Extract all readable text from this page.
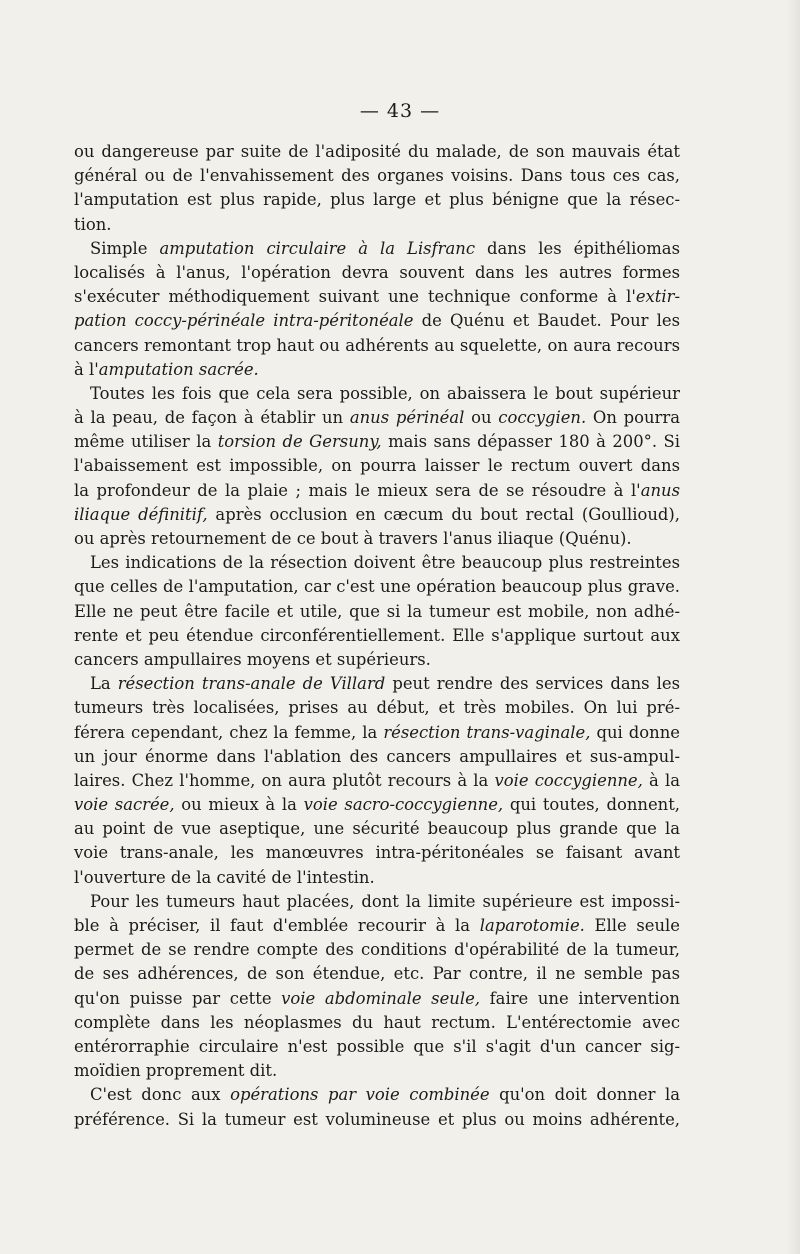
— 43 —
ou dangereuse par suite de l'adiposité du malade, de son mauvais état
général ou de l'envahissement des organes voisins. Dans tous ces cas,
l'amputation est plus rapide, plus large et plus bénigne que la résec-
tion.
Simple amputation circulaire à la Lisfranc dans les épithéliomas
localisés à l'anus, l'opération devra souvent dans les autres formes
s'exécuter méthodiquement suivant une technique conforme à l'extir-
pation coccy-périnéale intra-péritonéale de Quénu et Baudet. Pour les
cancers remontant trop haut ou adhérents au squelette, on aura recours
à l'amputation sacrée.
Toutes les fois que cela sera possible, on abaissera le bout supérieur
à la peau, de façon à établir un anus périnéal ou coccygien. On pourra
même utiliser la torsion de Gersuny, mais sans dépasser 180 à 200°. Si
l'abaissement est impossible, on pourra laisser le rectum ouvert dans
la profondeur de la plaie ; mais le mieux sera de se résoudre à l'anus
iliaque définitif, après occlusion en cæcum du bout rectal (Goullioud),
ou après retournement de ce bout à travers l'anus iliaque (Quénu).
Les indications de la résection doivent être beaucoup plus restreintes
que celles de l'amputation, car c'est une opération beaucoup plus grave.
Elle ne peut être facile et utile, que si la tumeur est mobile, non adhé-
rente et peu étendue circonférentiellement. Elle s'applique surtout aux
cancers ampullaires moyens et supérieurs.
La résection trans-anale de Villard peut rendre des services dans les
tumeurs très localisées, prises au début, et très mobiles. On lui pré-
férera cependant, chez la femme, la résection trans-vaginale, qui donne
un jour énorme dans l'ablation des cancers ampullaires et sus-ampul-
laires. Chez l'homme, on aura plutôt recours à la voie coccygienne, à la
voie sacrée, ou mieux à la voie sacro-coccygienne, qui toutes, donnent,
au point de vue aseptique, une sécurité beaucoup plus grande que la
voie trans-anale, les manœuvres intra-péritonéales se faisant avant
l'ouverture de la cavité de l'intestin.
Pour les tumeurs haut placées, dont la limite supérieure est impossi-
ble à préciser, il faut d'emblée recourir à la laparotomie. Elle seule
permet de se rendre compte des conditions d'opérabilité de la tumeur,
de ses adhérences, de son étendue, etc. Par contre, il ne semble pas
qu'on puisse par cette voie abdominale seule, faire une intervention
complète dans les néoplasmes du haut rectum. L'entérectomie avec
entérorraphie circulaire n'est possible que s'il s'agit d'un cancer sig-
moïdien proprement dit.
C'est donc aux opérations par voie combinée qu'on doit donner la
préférence. Si la tumeur est volumineuse et plus ou moins adhérente,
